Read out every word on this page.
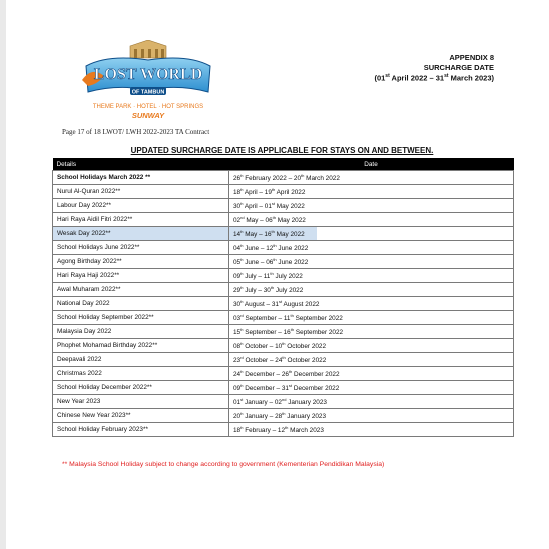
LOST WORLD
OF TAMBUN
THEME PARK · HOTEL · HOT SPRINGS
SUNWAY
APPENDIX 8
SURCHARGE DATE
(01st April 2022 – 31st March 2023)
Page 17 of 18 LWOT/ LWH 2022-2023 TA Contract
UPDATED SURCHARGE DATE IS APPLICABLE FOR STAYS ON AND BETWEEN.
Details	Date
School Holidays March 2022 **	26th February 2022 – 20th March 2022
Nurul Al-Quran 2022**	18th April – 19th April 2022
Labour Day 2022**	30th April – 01st May 2022
Hari Raya Aidil Fitri 2022**	02nd May – 06th May 2022
Wesak Day 2022**	14th May – 16th May 2022
School Holidays June 2022**	04th June – 12th June 2022
Agong Birthday 2022**	05th June – 06th June 2022
Hari Raya Haji 2022**	09th July – 11th July 2022
Awal Muharam 2022**	29th July – 30th July 2022
National Day 2022	30th August – 31st August 2022
School Holiday September 2022**	03rd September – 11th September 2022
Malaysia Day 2022	15th September – 16th September 2022
Phophet Mohamad Birthday 2022**	08th October – 10th October 2022
Deepavali 2022	23rd October – 24th October 2022
Christmas 2022	24th December – 26th December 2022
School Holiday December 2022**	09th December – 31st December 2022
New Year 2023	01st January – 02nd January 2023
Chinese New Year 2023**	20th January – 28th January 2023
School Holiday February 2023**	18th February – 12th March 2023
** Malaysia School Holiday subject to change according to government (Kementerian Pendidikan Malaysia)
